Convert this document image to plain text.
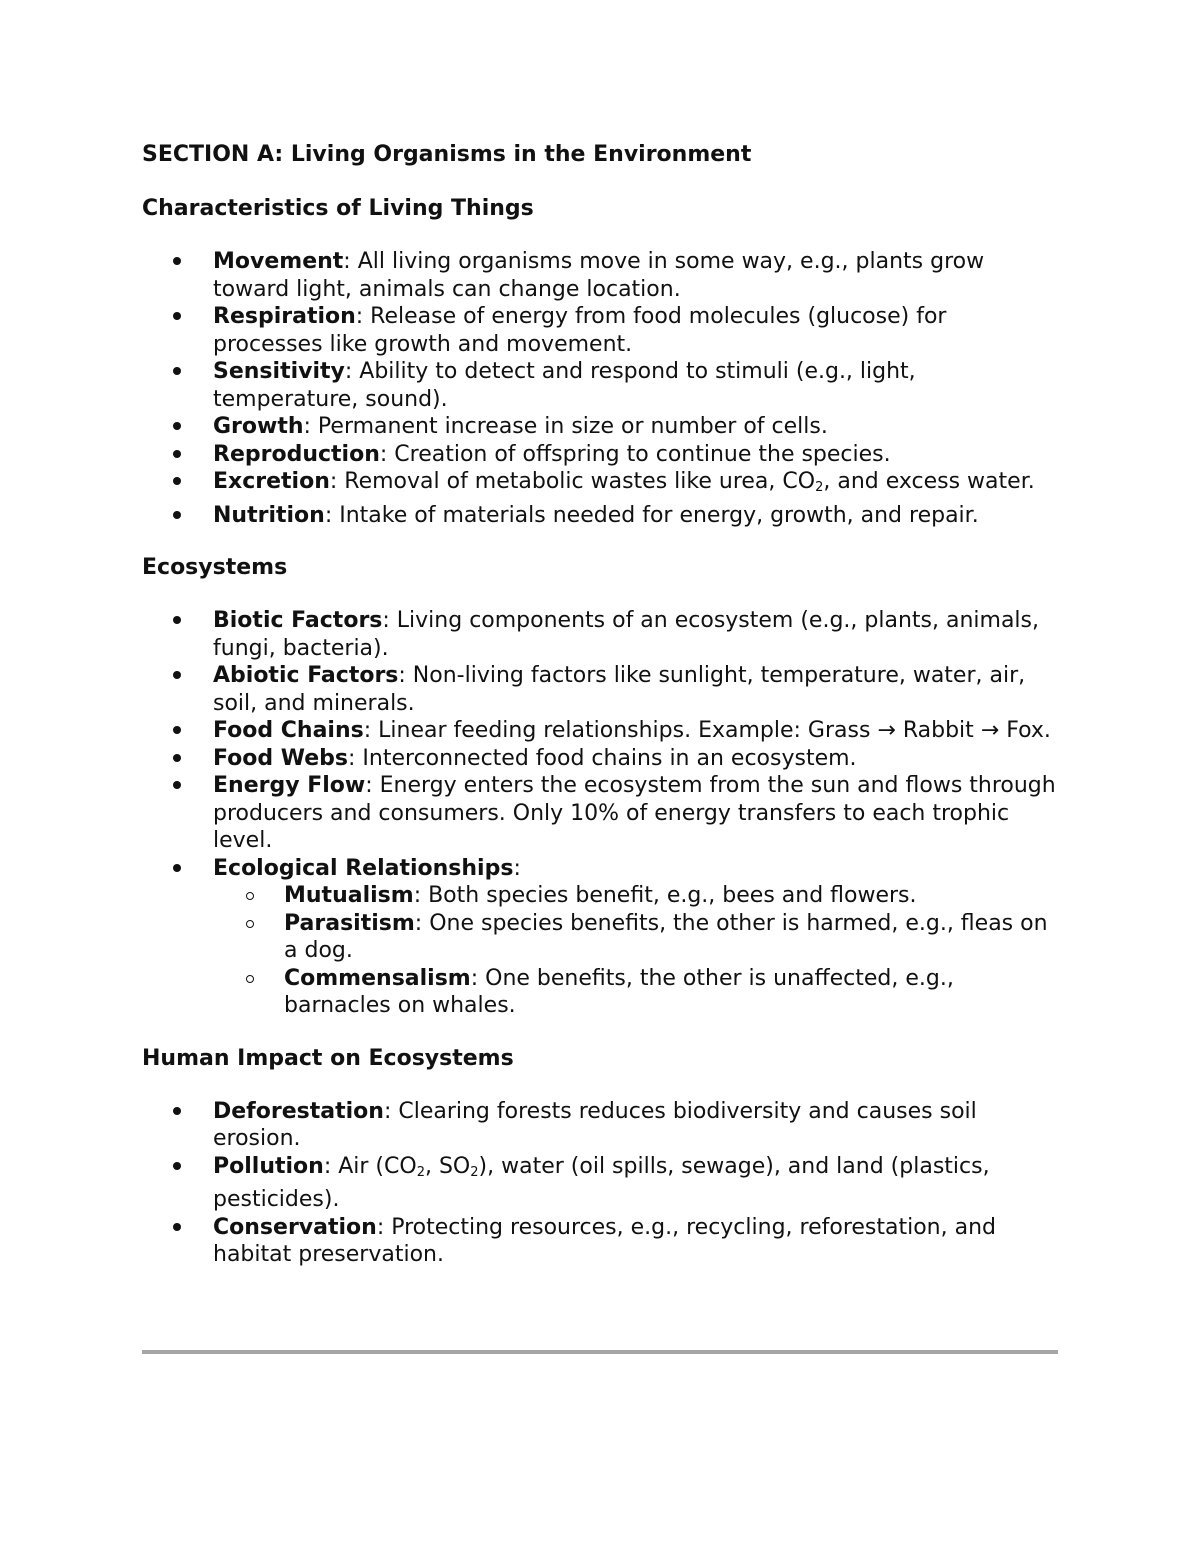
SECTION A: Living Organisms in the Environment
Characteristics of Living Things
Movement: All living organisms move in some way, e.g., plants grow toward light, animals can change location.
Respiration: Release of energy from food molecules (glucose) for processes like growth and movement.
Sensitivity: Ability to detect and respond to stimuli (e.g., light, temperature, sound).
Growth: Permanent increase in size or number of cells.
Reproduction: Creation of offspring to continue the species.
Excretion: Removal of metabolic wastes like urea, $CO_2$, and excess water.
Nutrition: Intake of materials needed for energy, growth, and repair.
Ecosystems
Biotic Factors: Living components of an ecosystem (e.g., plants, animals, fungi, bacteria).
Abiotic Factors: Non-living factors like sunlight, temperature, water, air, soil, and minerals.
Food Chains: Linear feeding relationships. Example: Grass → Rabbit → Fox.
Food Webs: Interconnected food chains in an ecosystem.
Energy Flow: Energy enters the ecosystem from the sun and flows through producers and consumers. Only 10% of energy transfers to each trophic level.
Ecological Relationships:
Mutualism: Both species benefit, e.g., bees and flowers.
Parasitism: One species benefits, the other is harmed, e.g., fleas on a dog.
Commensalism: One benefits, the other is unaffected, e.g., barnacles on whales.
Human Impact on Ecosystems
Deforestation: Clearing forests reduces biodiversity and causes soil erosion.
Pollution: Air ($CO_2$, $SO_2$), water (oil spills, sewage), and land (plastics, pesticides).
Conservation: Protecting resources, e.g., recycling, reforestation, and habitat preservation.
